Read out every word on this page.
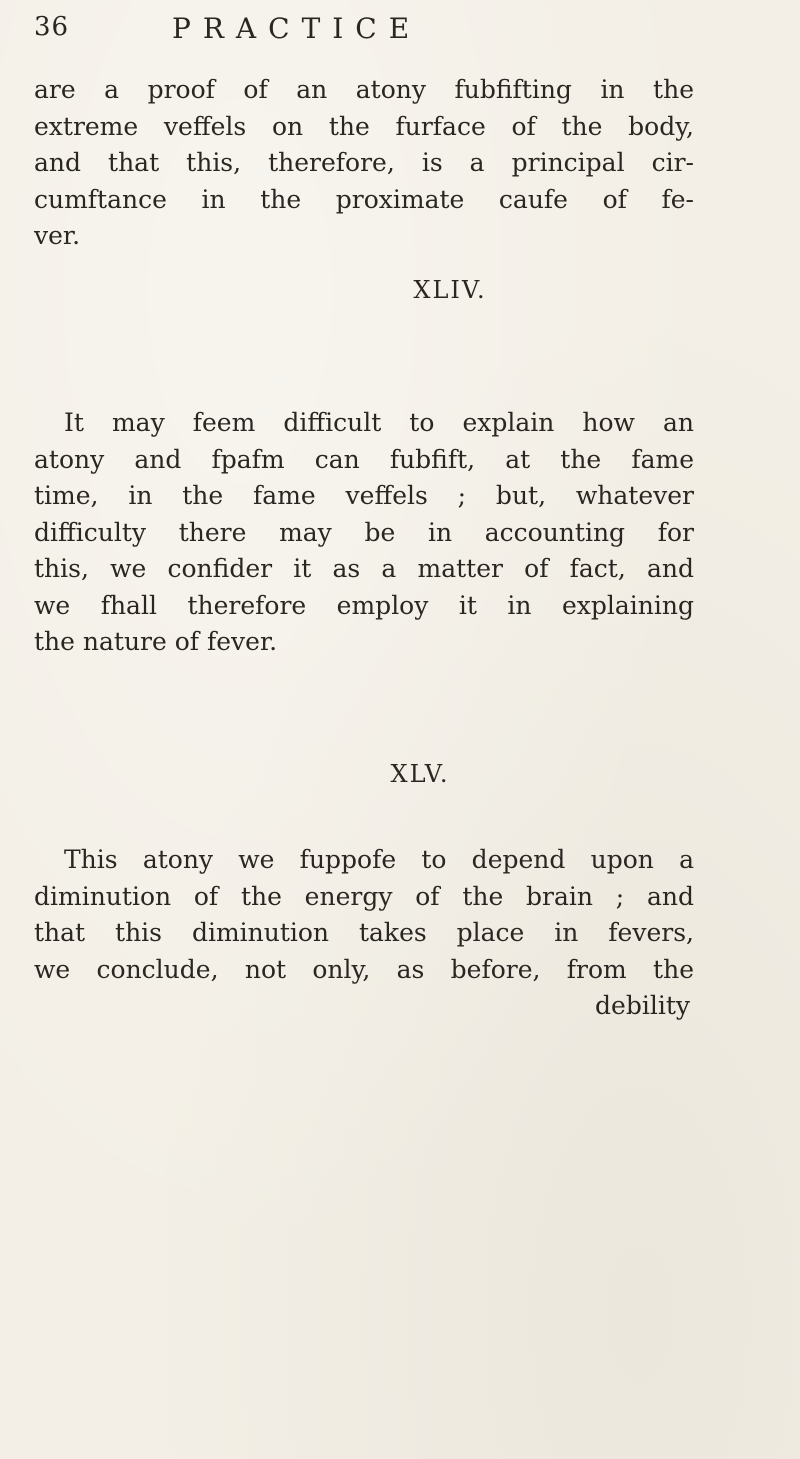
36	PRACTICE
are a proof of an atony fubfifting in the
extreme veffels on the furface of the body,
and that this, therefore, is a principal cir-
cumftance in the proximate caufe of fe-
ver.
XLIV.
It may feem difficult to explain how an
atony and fpafm can fubfift, at the fame
time, in the fame veffels ; but, whatever
difficulty there may be in accounting for
this, we confider it as a matter of fact, and
we fhall therefore employ it in explaining
the nature of fever.
XLV.
This atony we fuppofe to depend upon a
diminution of the energy of the brain ; and
that this diminution takes place in fevers,
we conclude, not only, as before, from the
debility
